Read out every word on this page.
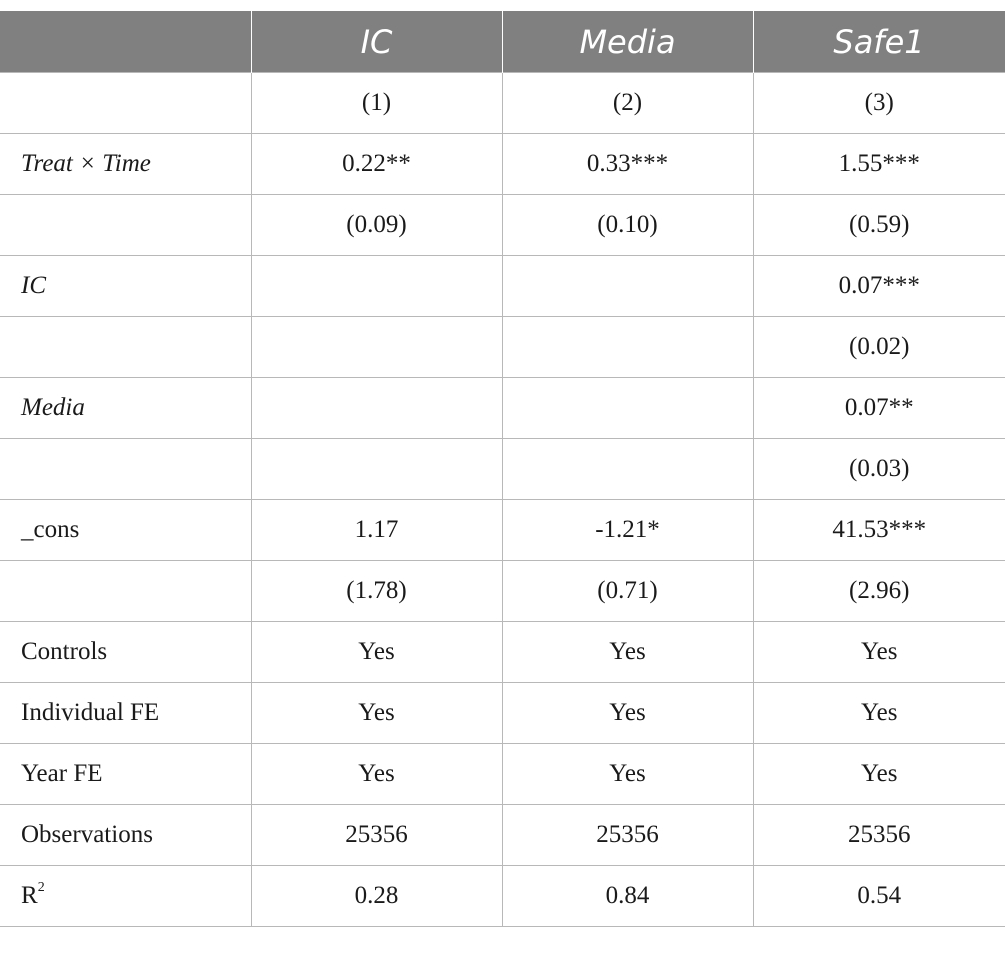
	IC	Media	Safe1
	(1)	(2)	(3)
Treat × Time	0.22**	0.33***	1.55***
	(0.09)	(0.10)	(0.59)
IC			0.07***
			(0.02)
Media			0.07**
			(0.03)
_cons	1.17	-1.21*	41.53***
	(1.78)	(0.71)	(2.96)
Controls	Yes	Yes	Yes
Individual FE	Yes	Yes	Yes
Year FE	Yes	Yes	Yes
Observations	25356	25356	25356
$R^2$	0.28	0.84	0.54
